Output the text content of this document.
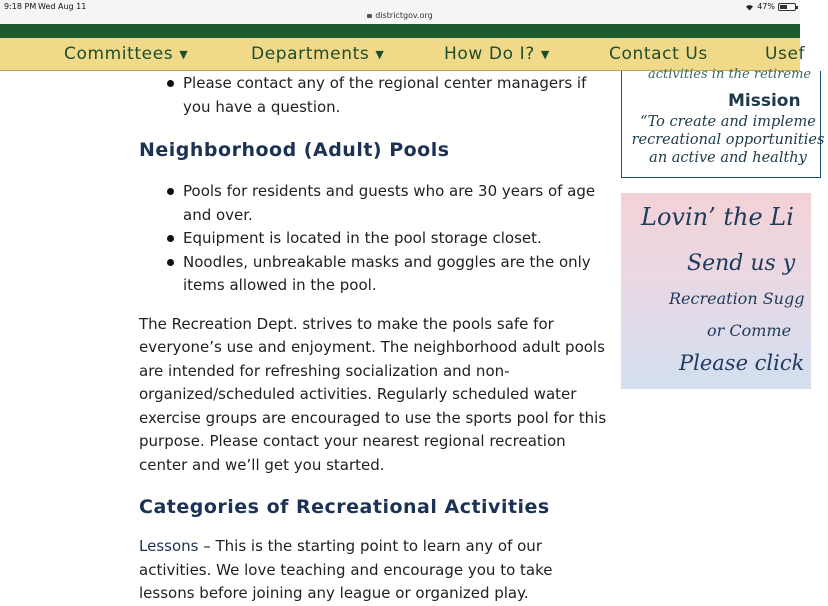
9:18 PM Wed Aug 11
districtgov.org
47%
Committees ▼	Departments ▼	How Do I? ▼	Contact Us	Usef
Please contact any of the regional center managers if you have a question.
Neighborhood (Adult) Pools
Pools for residents and guests who are 30 years of age and over.
Equipment is located in the pool storage closet.
Noodles, unbreakable masks and goggles are the only items allowed in the pool.

The Recreation Dept. strives to make the pools safe for everyone’s use and enjoyment. The neighborhood adult pools are intended for refreshing socialization and non-organized/scheduled activities. Regularly scheduled water exercise groups are encouraged to use the sports pool for this purpose. Please contact your nearest regional recreation center and we’ll get you started.

Categories of Recreational Activities

Lessons – This is the starting point to learn any of our activities. We love teaching and encourage you to take lessons before joining any league or organized play.

activities in the retireme
Mission
“To create and impleme
recreational opportunities
an active and healthy
Lovin’ the Li
Send us y
Recreation Sugg
or Comme
Please click
